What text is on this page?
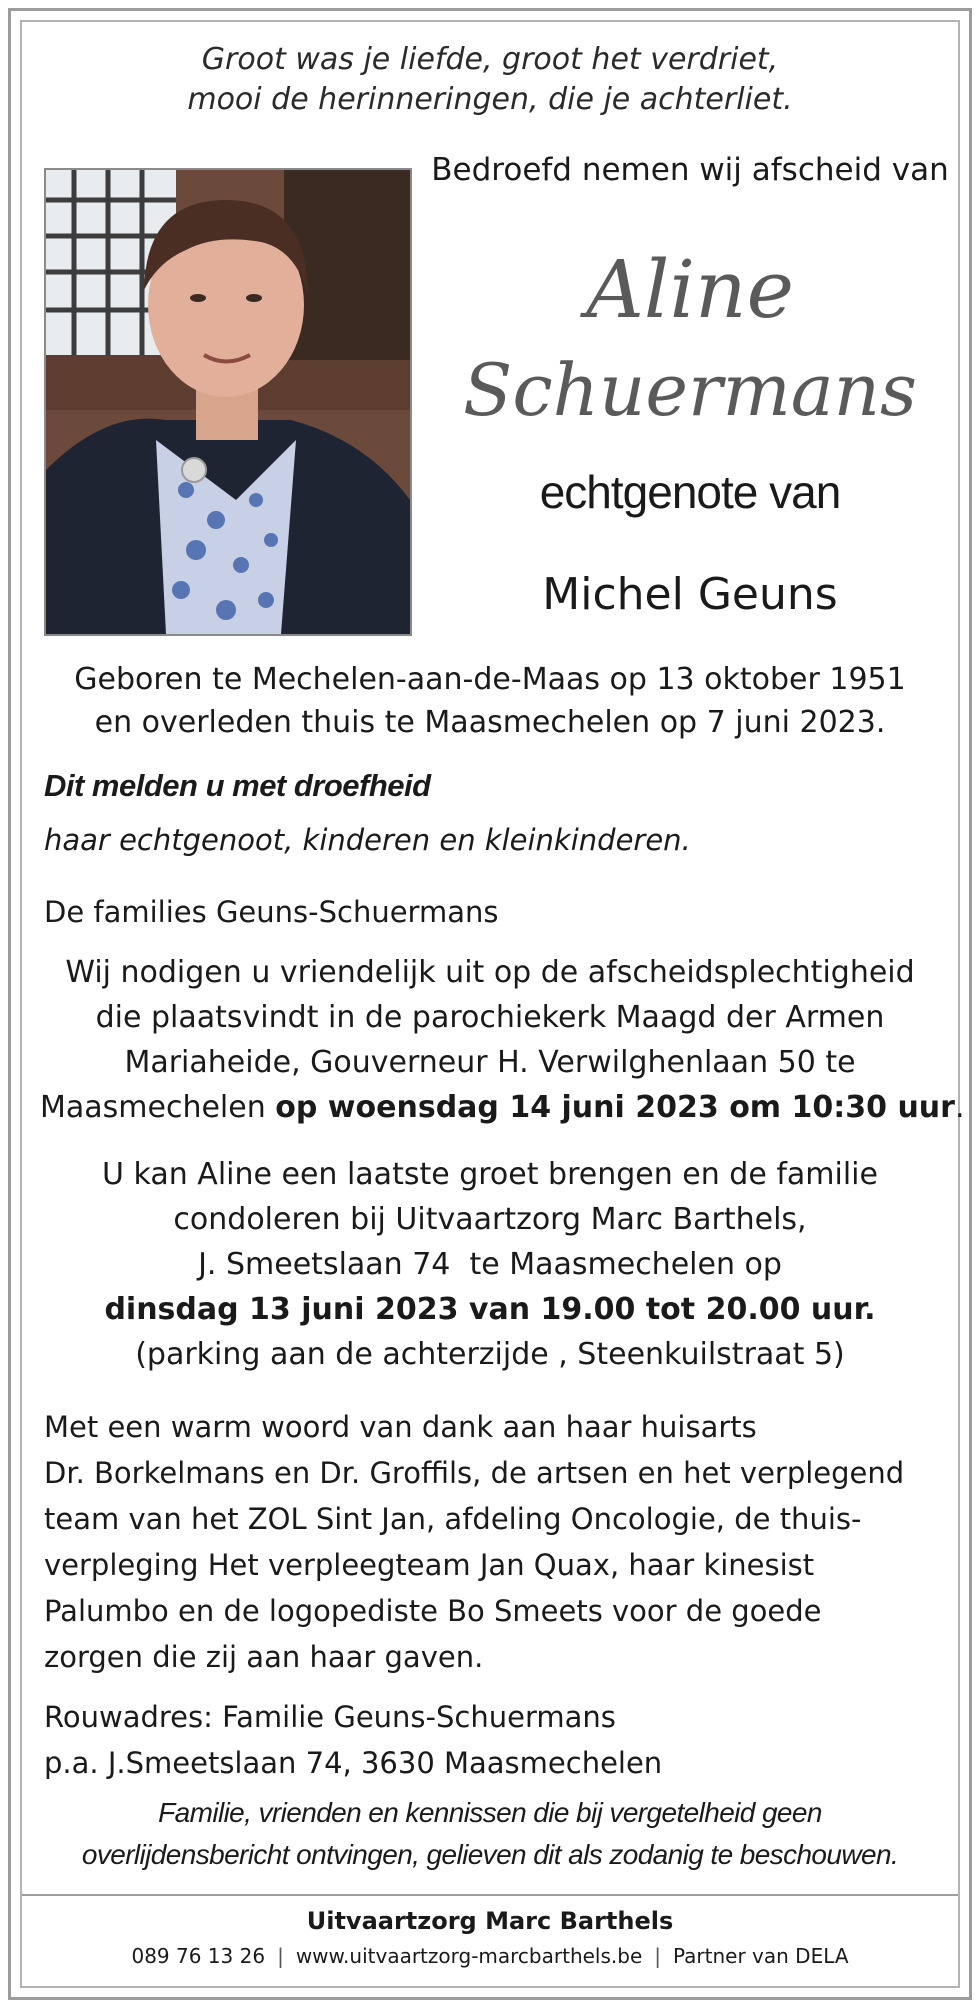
Groot was je liefde, groot het verdriet,
mooi de herinneringen, die je achterliet.
Bedroefd nemen wij afscheid van
Aline
Schuermans
echtgenote van
Michel Geuns
Geboren te Mechelen-aan-de-Maas op 13 oktober 1951
en overleden thuis te Maasmechelen op 7 juni 2023.
Dit melden u met droefheid
haar echtgenoot, kinderen en kleinkinderen.
De families Geuns-Schuermans
Wij nodigen u vriendelijk uit op de afscheidsplechtigheid
die plaatsvindt in de parochiekerk Maagd der Armen
Mariaheide, Gouverneur H. Verwilghenlaan 50 te
Maasmechelen op woensdag 14 juni 2023 om 10:30 uur.
U kan Aline een laatste groet brengen en de familie
condoleren bij Uitvaartzorg Marc Barthels,
J. Smeetslaan 74  te Maasmechelen op
dinsdag 13 juni 2023 van 19.00 tot 20.00 uur.
(parking aan de achterzijde , Steenkuilstraat 5)
Met een warm woord van dank aan haar huisarts
Dr. Borkelmans en Dr. Groffils, de artsen en het verplegend
team van het ZOL Sint Jan, afdeling Oncologie, de thuis-
verpleging Het verpleegteam Jan Quax, haar kinesist
Palumbo en de logopediste Bo Smeets voor de goede
zorgen die zij aan haar gaven.
Rouwadres: Familie Geuns-Schuermans
p.a. J.Smeetslaan 74, 3630 Maasmechelen
Familie, vrienden en kennissen die bij vergetelheid geen
overlijdensbericht ontvingen, gelieven dit als zodanig te beschouwen.
Uitvaartzorg Marc Barthels
089 76 13 26 | www.uitvaartzorg-marcbarthels.be | Partner van DELA
